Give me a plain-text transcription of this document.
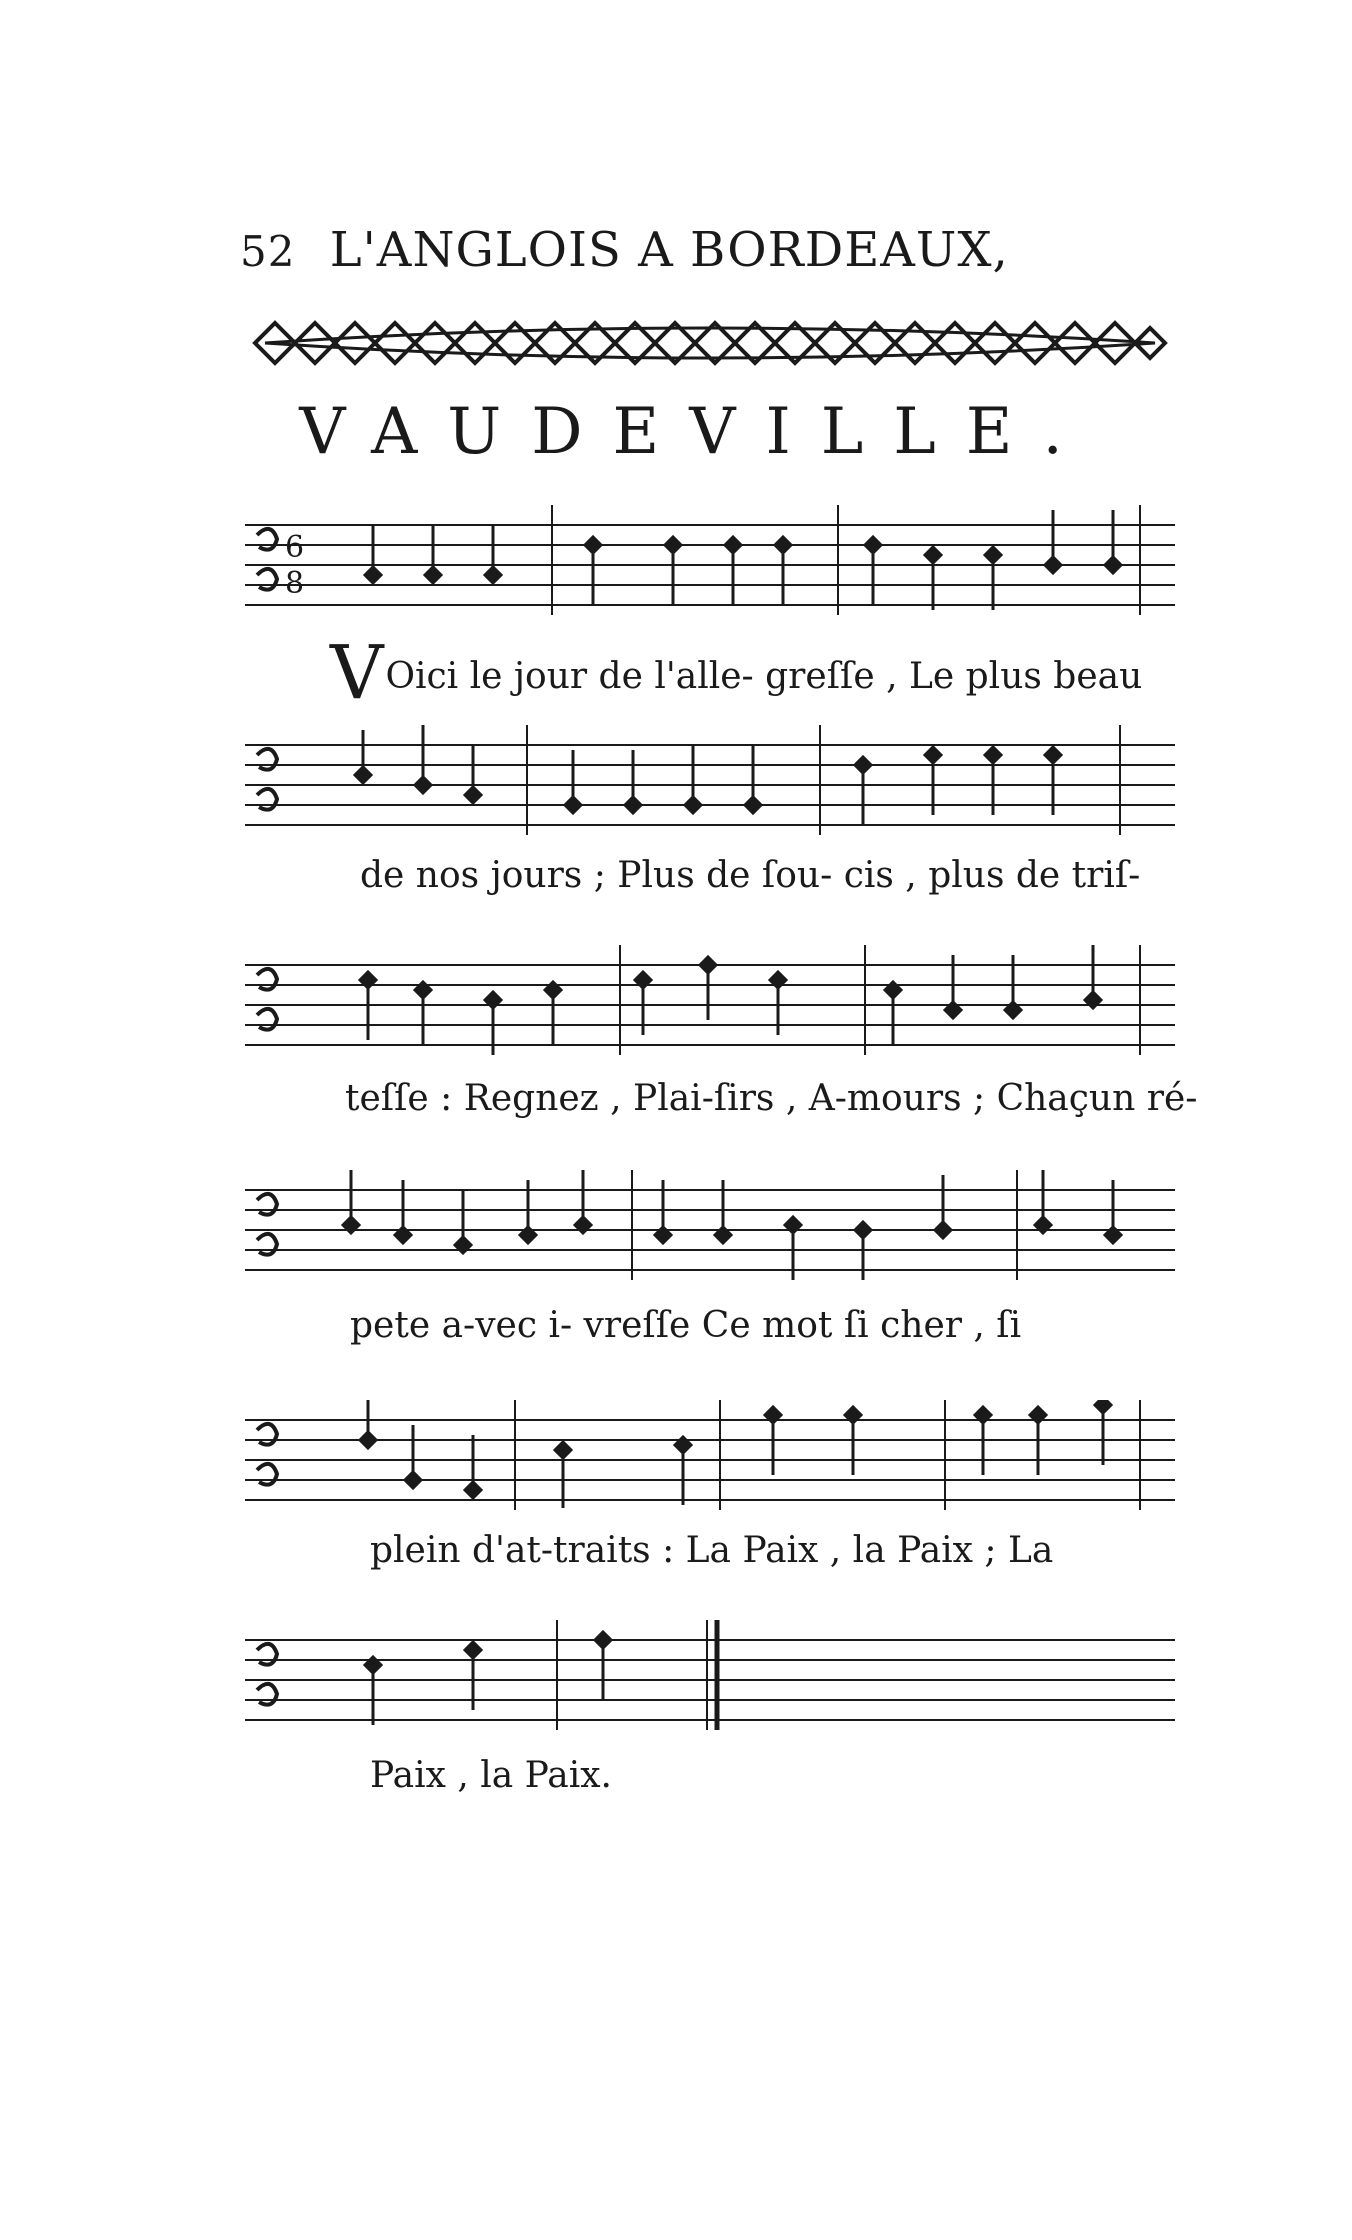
52 L'ANGLOIS A BORDEAUX,
VAUDEVILLE.
6
8
VOici le jour de l'alle- greſſe , Le plus beau
de nos jours ; Plus de ſou- cis , plus de triſ-
teſſe : Regnez , Plai-ſirs , A-mours ; Chaçun ré-
pete a-vec i- vreſſe Ce mot ſi cher , ſi
plein d'at-traits : La Paix , la Paix ; La
Paix , la Paix.
